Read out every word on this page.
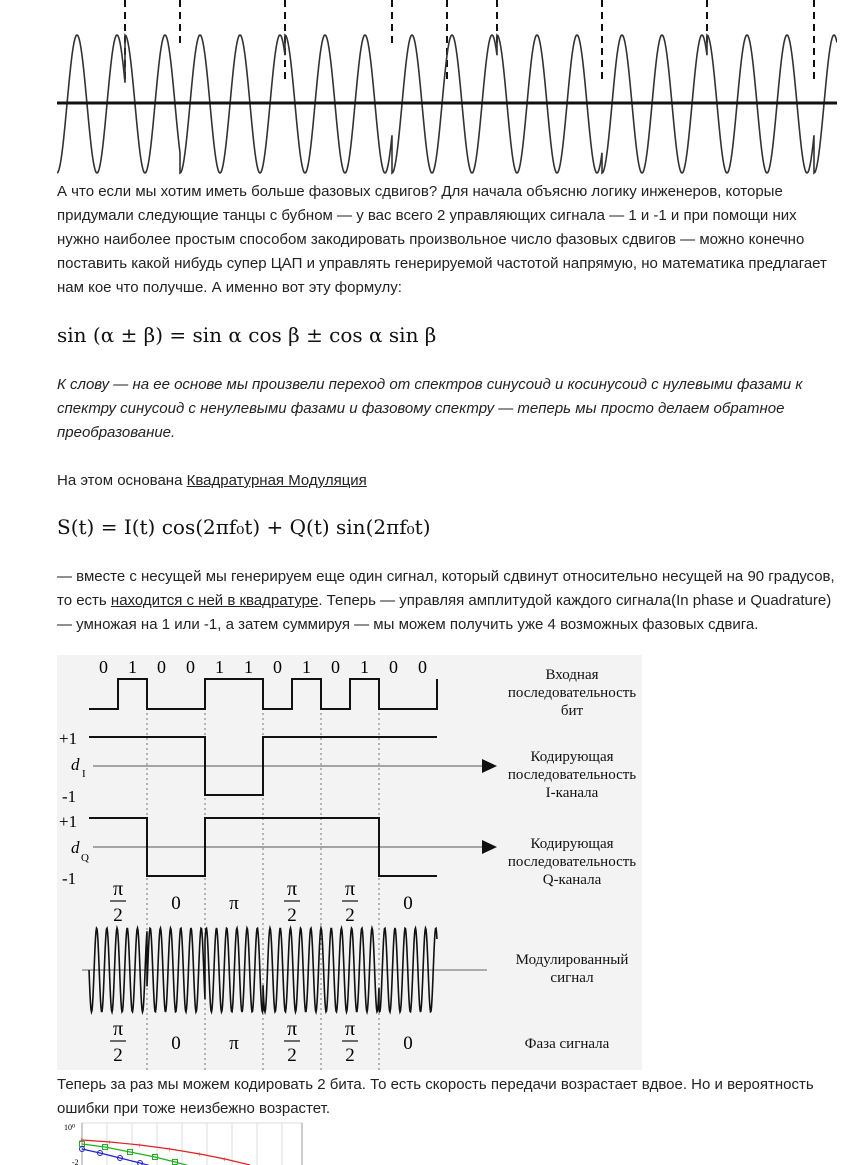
А что если мы хотим иметь больше фазовых сдвигов? Для начала объясню логику инженеров, которые придумали следующие танцы с бубном — у вас всего 2 управляющих сигнала — 1 и -1 и при помощи них нужно наиболее простым способом закодировать произвольное число фазовых сдвигов — можно конечно поставить какой нибудь супер ЦАП и управлять генерируемой частотой напрямую, но математика предлагает нам кое что получше. А именно вот эту формулу:

sin (α ± β) = sin α cos β ± cos α sin β

К слову — на ее основе мы произвели переход от спектров синусоид и косинусоид с нулевыми фазами к спектру синусоид с ненулевыми фазами и фазовому спектру — теперь мы просто делаем обратное преобразование.

На этом основана Квадратурная Модуляция

S(t) = I(t) cos(2πf₀t) + Q(t) sin(2πf₀t)

— вместе с несущей мы генерируем еще один сигнал, который сдвинут относительно несущей на 90 градусов, то есть находится с ней в квадратуре. Теперь — управляя амплитудой каждого сигнала(In phase и Quadrature) — умножая на 1 или -1, а затем суммируя — мы можем получить уже 4 возможных фазовых сдвига.

0 1 0 0 1 1 0 1 0 1 0 0
+1
d I
-1
+1
d
Q
-1 π
2
0	π
π
2
π
2
0
π
2
0	π
π
2
π
2
0
Входная
последовательность
бит
Кодирующая
последовательность
I-канала
Кодирующая
последовательность
Q-канала
Модулированный
сигнал
Фаза сигнала

Теперь за раз мы можем кодировать 2 бита. То есть скорость передачи возрастает вдвое. Но и вероятность ошибки при тоже неизбежно возрастет.

10⁰
-2
+	+	+	+
+
+
